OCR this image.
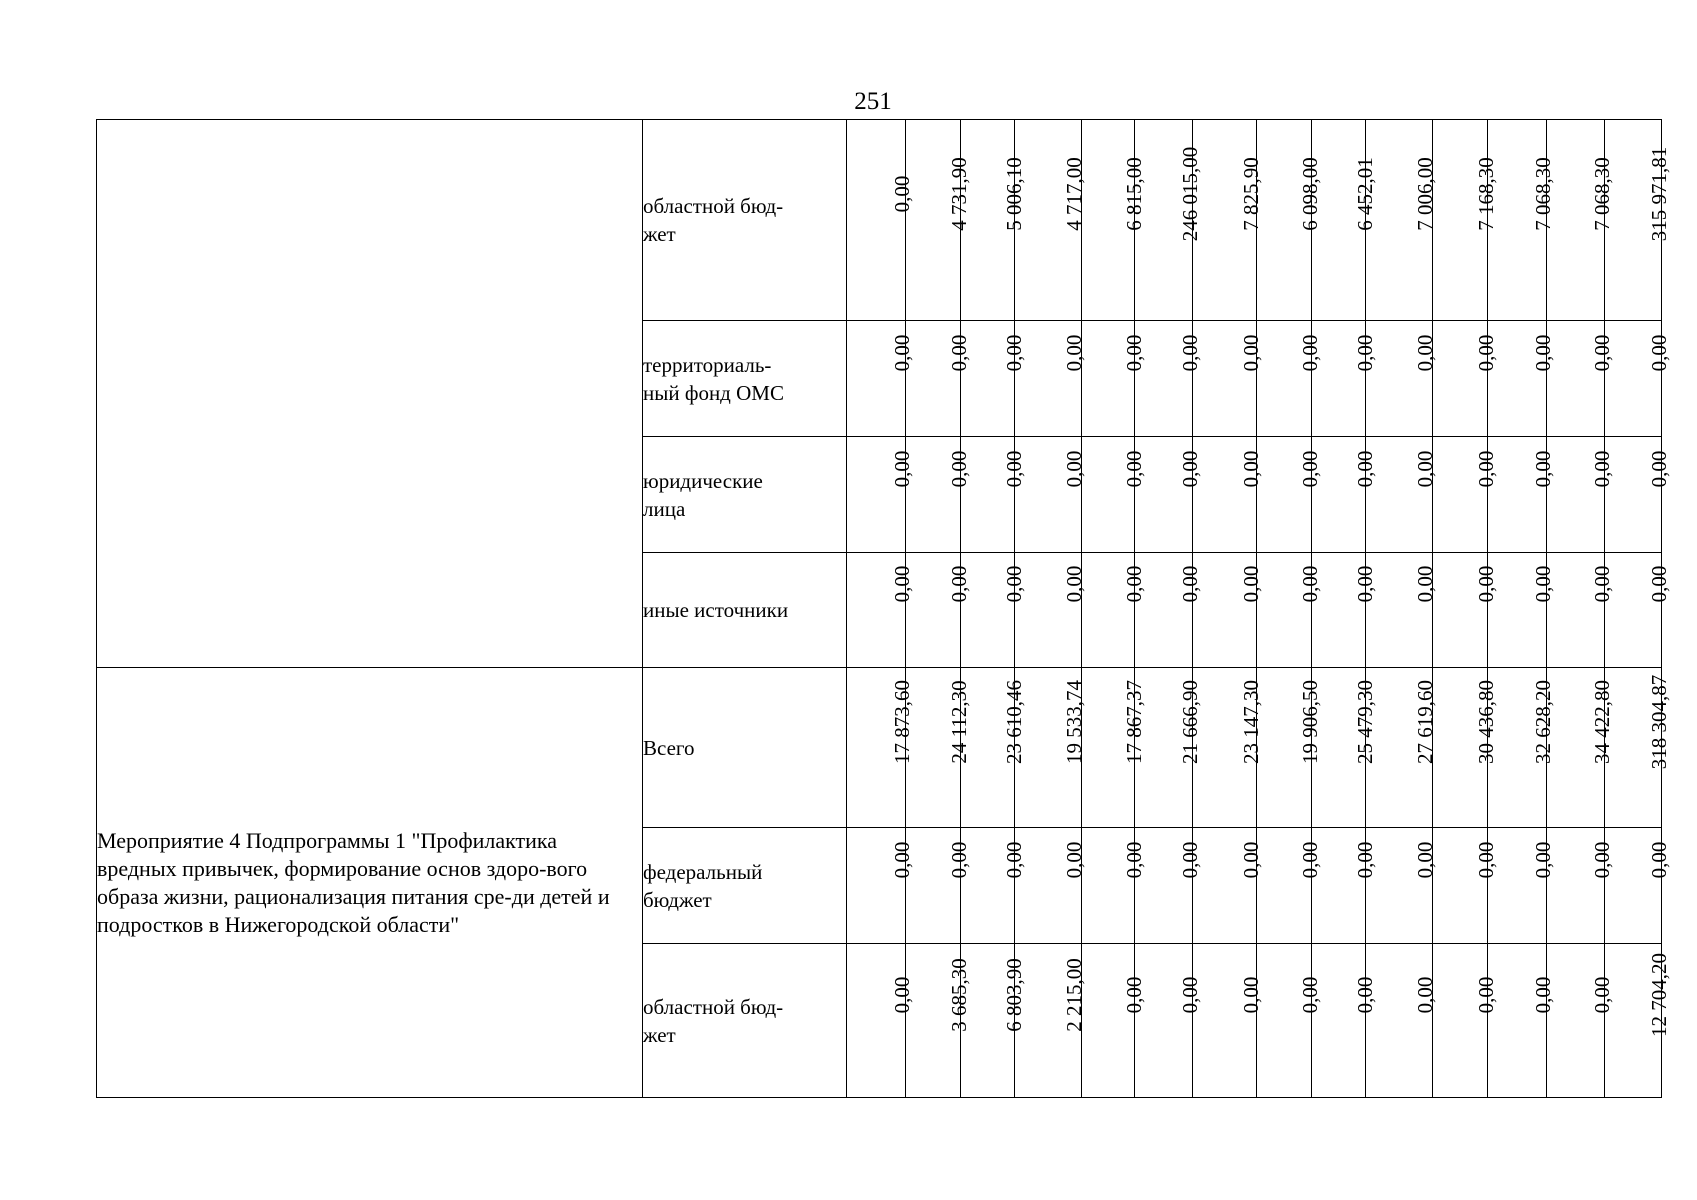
251
	областной бюд-
жет	0,00	4 731,90	5 006,10	4 717,00	6 815,00	246 015,00	7 825,90	6 098,00	6 452,01	7 006,00	7 168,30	7 068,30	7 068,30	315 971,81

	территориаль-
ный фонд ОМС	0,00	0,00	0,00	0,00	0,00	0,00	0,00	0,00	0,00	0,00	0,00	0,00	0,00	0,00

	юридические
лица	0,00	0,00	0,00	0,00	0,00	0,00	0,00	0,00	0,00	0,00	0,00	0,00	0,00	0,00

	иные источники	0,00	0,00	0,00	0,00	0,00	0,00	0,00	0,00	0,00	0,00	0,00	0,00	0,00	0,00

Мероприятие 4 Подпрограммы 1 "Профилактика вредных привычек, формирование основ здоро-вого образа жизни, рационализация питания сре-ди детей и подростков в Нижегородской области"	Всего	17 873,60	24 112,30	23 610,46	19 533,74	17 867,37	21 666,90	23 147,30	19 906,50	25 479,30	27 619,60	30 436,80	32 628,20	34 422,80	318 304,87

	федеральный
бюджет	0,00	0,00	0,00	0,00	0,00	0,00	0,00	0,00	0,00	0,00	0,00	0,00	0,00	0,00

	областной бюд-
жет	0,00	3 685,30	6 803,90	2 215,00	0,00	0,00	0,00	0,00	0,00	0,00	0,00	0,00	0,00	12 704,20
